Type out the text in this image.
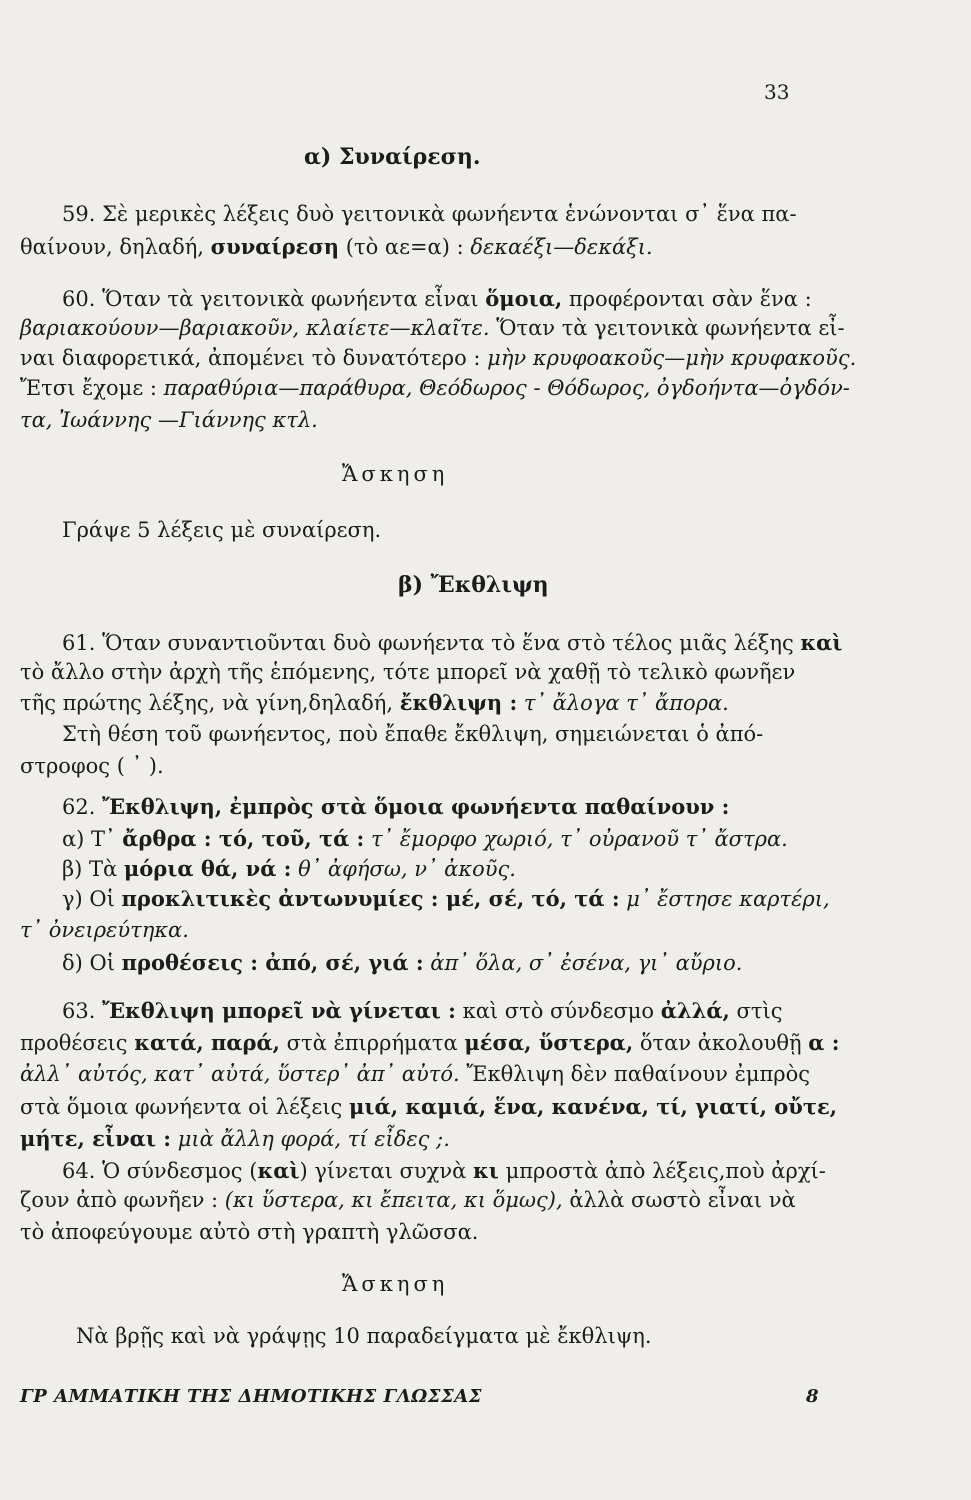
33
α) Συναίρεση.
59. Σὲ μερικὲς λέξεις δυὸ γειτονικὰ φωνήεντα ἑνώνονται σ᾽ ἕνα πα-
θαίνουν, δηλαδή, συναίρεση (τὸ αε=α) : δεκαέξι—δεκάξι.
60. Ὅταν τὰ γειτονικὰ φωνήεντα εἶναι ὅμοια, προφέρονται σὰν ἕνα :
βαριακούουν—βαριακοῦν, κλαίετε—κλαῖτε. Ὅταν τὰ γειτονικὰ φωνήεντα εἶ-
ναι διαφορετικά, ἀπομένει τὸ δυνατότερο : μὴν κρυφοακοῦς—μὴν κρυφακοῦς.
Ἔτσι ἔχομε : παραθύρια—παράθυρα, Θεόδωρος - Θόδωρος, ὀγδοήντα—ὀγδόν-
τα, Ἰωάννης —Γιάννης κτλ.
Ἄσκηση
Γράψε 5 λέξεις μὲ συναίρεση.
β) Ἔκθλιψη
61. Ὅταν συναντιοῦνται δυὸ φωνήεντα τὸ ἕνα στὸ τέλος μιᾶς λέξης καὶ
τὸ ἄλλο στὴν ἀρχὴ τῆς ἑπόμενης, τότε μπορεῖ νὰ χαθῇ τὸ τελικὸ φωνῆεν
τῆς πρώτης λέξης, νὰ γίνη,δηλαδή, ἔκθλιψη : τ᾽ ἄλογα τ᾽ ἄπορα.
Στὴ θέση τοῦ φωνήεντος, ποὺ ἔπαθε ἔκθλιψη, σημειώνεται ὁ ἀπό-
στροφος ( ᾽ ).
62. Ἔκθλιψη, ἐμπρὸς στὰ ὅμοια φωνήεντα παθαίνουν :
α) Τ᾽ ἄρθρα : τό, τοῦ, τά : τ᾽ ἔμορφο χωριό, τ᾽ οὐρανοῦ τ᾽ ἄστρα.
β) Τὰ μόρια θά, νά : θ᾽ ἀφήσω, ν᾽ ἀκοῦς.
γ) Οἱ προκλιτικὲς ἀντωνυμίες : μέ, σέ, τό, τά : μ᾽ ἔστησε καρτέρι,
τ᾽ ὀνειρεύτηκα.
δ) Οἱ προθέσεις : ἀπό, σέ, γιά : ἀπ᾽ ὅλα, σ᾽ ἐσένα, γι᾽ αὔριο.
63. Ἔκθλιψη μπορεῖ νὰ γίνεται : καὶ στὸ σύνδεσμο ἀλλά, στὶς
προθέσεις κατά, παρά, στὰ ἐπιρρήματα μέσα, ὕστερα, ὅταν ἀκολουθῇ α :
ἀλλ᾽ αὐτός, κατ᾽ αὐτά, ὕστερ᾽ ἀπ᾽ αὐτό. Ἔκθλιψη δὲν παθαίνουν ἐμπρὸς
στὰ ὅμοια φωνήεντα οἱ λέξεις μιά, καμιά, ἕνα, κανένα, τί, γιατί, οὔτε,
μήτε, εἶναι : μιὰ ἄλλη φορά, τί εἶδες ;.
64. Ὁ σύνδεσμος (καὶ) γίνεται συχνὰ κι μπροστὰ ἀπὸ λέξεις,ποὺ ἀρχί-
ζουν ἀπὸ φωνῆεν : (κι ὕστερα, κι ἔπειτα, κι ὅμως), ἀλλὰ σωστὸ εἶναι νὰ
τὸ ἀποφεύγουμε αὐτὸ στὴ γραπτὴ γλῶσσα.
Ἄσκηση
Νὰ βρῇς καὶ νὰ γράψῃς 10 παραδείγματα μὲ ἔκθλιψη.
ΓΡ ΑΜΜΑΤΙΚΗ ΤΗΣ ΔΗΜΟΤΙΚΗΣ ΓΛΩΣΣΑΣ	8
